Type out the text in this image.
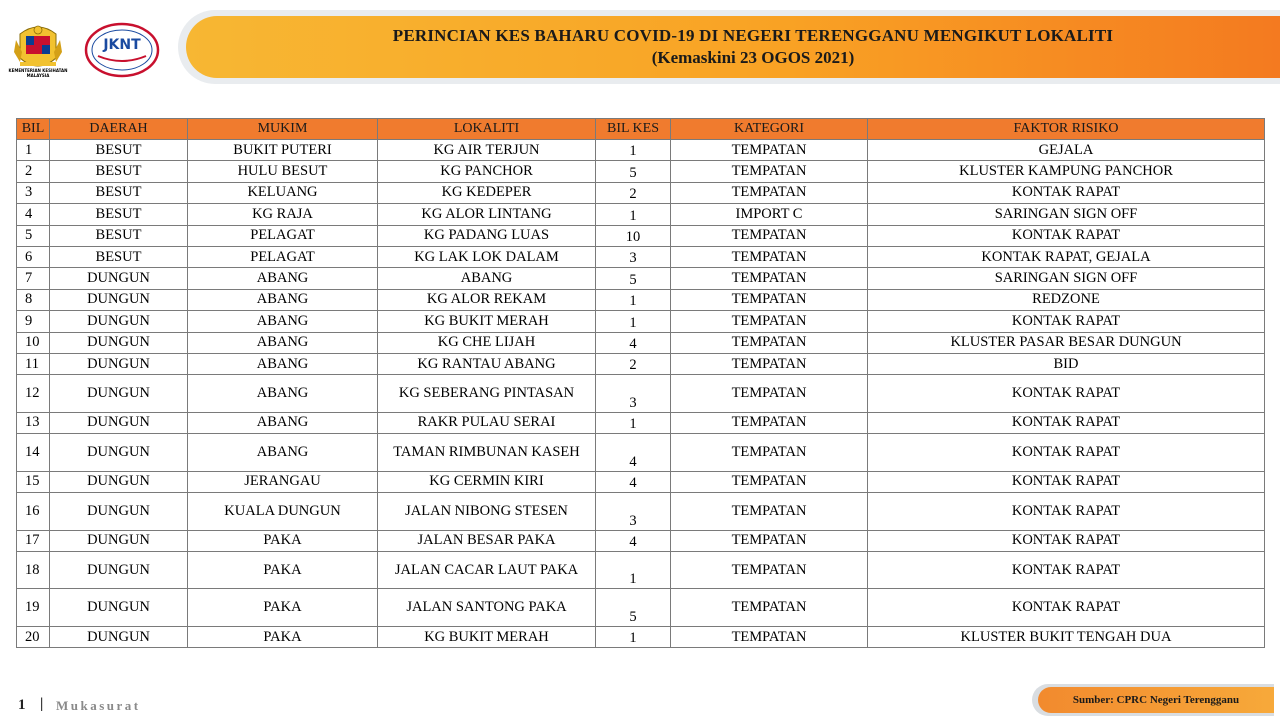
KEMENTERIAN KESIHATAN MALAYSIA
JKNT	PERINCIAN KES BAHARU COVID-19 DI NEGERI TERENGGANU MENGIKUT LOKALITI
(Kemaskini 23 OGOS 2021)
BIL	DAERAH	MUKIM	LOKALITI	BIL KES	KATEGORI	FAKTOR RISIKO
1	BESUT	BUKIT PUTERI	KG AIR TERJUN	1	TEMPATAN	GEJALA
2	BESUT	HULU BESUT	KG PANCHOR	5	TEMPATAN	KLUSTER KAMPUNG PANCHOR
3	BESUT	KELUANG	KG KEDEPER	2	TEMPATAN	KONTAK RAPAT
4	BESUT	KG RAJA	KG ALOR LINTANG	1	IMPORT C	SARINGAN SIGN OFF
5	BESUT	PELAGAT	KG PADANG LUAS	10	TEMPATAN	KONTAK RAPAT
6	BESUT	PELAGAT	KG LAK LOK DALAM	3	TEMPATAN	KONTAK RAPAT, GEJALA
7	DUNGUN	ABANG	ABANG	5	TEMPATAN	SARINGAN SIGN OFF
8	DUNGUN	ABANG	KG ALOR REKAM	1	TEMPATAN	REDZONE
9	DUNGUN	ABANG	KG BUKIT MERAH	1	TEMPATAN	KONTAK RAPAT
10	DUNGUN	ABANG	KG CHE LIJAH	4	TEMPATAN	KLUSTER PASAR BESAR DUNGUN
11	DUNGUN	ABANG	KG RANTAU ABANG	2	TEMPATAN	BID
12	DUNGUN	ABANG	KG SEBERANG PINTASAN	3	TEMPATAN	KONTAK RAPAT
13	DUNGUN	ABANG	RAKR PULAU SERAI	1	TEMPATAN	KONTAK RAPAT
14	DUNGUN	ABANG	TAMAN RIMBUNAN KASEH	4	TEMPATAN	KONTAK RAPAT
15	DUNGUN	JERANGAU	KG CERMIN KIRI	4	TEMPATAN	KONTAK RAPAT
16	DUNGUN	KUALA DUNGUN	JALAN NIBONG STESEN	3	TEMPATAN	KONTAK RAPAT
17	DUNGUN	PAKA	JALAN BESAR PAKA	4	TEMPATAN	KONTAK RAPAT
18	DUNGUN	PAKA	JALAN CACAR LAUT PAKA	1	TEMPATAN	KONTAK RAPAT
19	DUNGUN	PAKA	JALAN SANTONG PAKA	5	TEMPATAN	KONTAK RAPAT
20	DUNGUN	PAKA	KG BUKIT MERAH	1	TEMPATAN	KLUSTER BUKIT TENGAH DUA
1 | Mukasurat	Sumber: CPRC Negeri Terengganu
